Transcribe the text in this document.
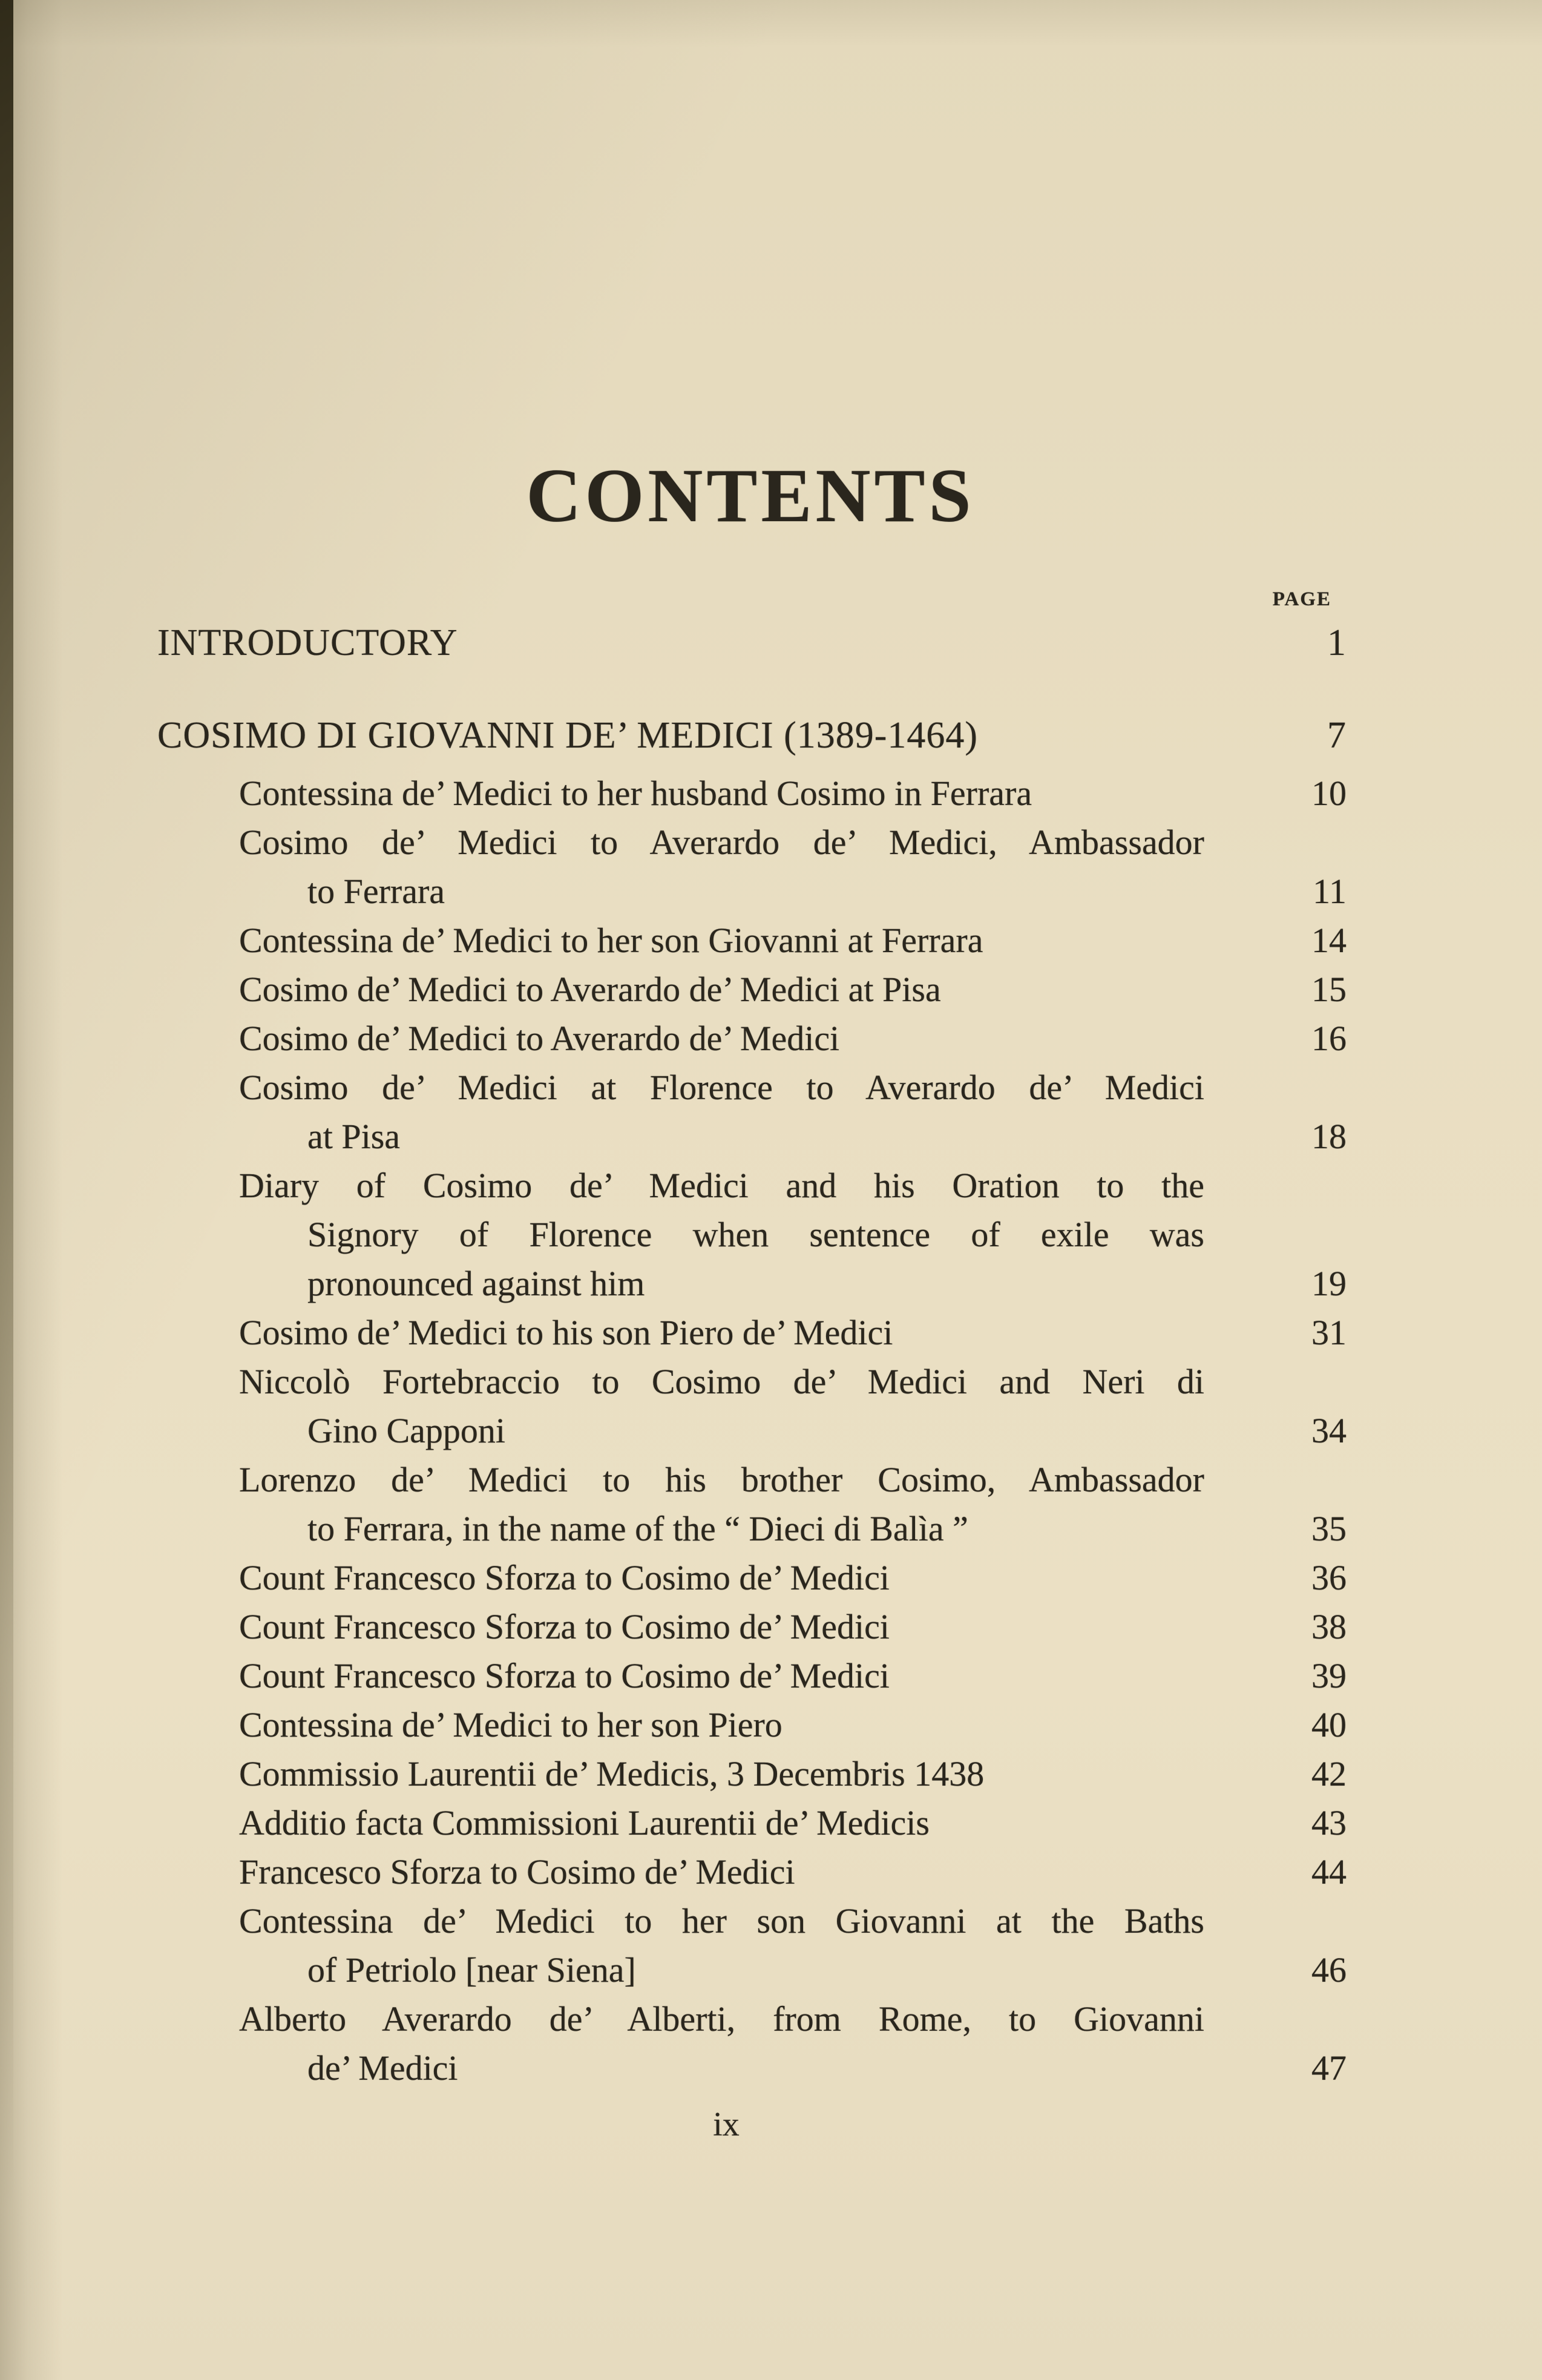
CONTENTS
PAGE
INTRODUCTORY	1
COSIMO DI GIOVANNI DE’ MEDICI (1389-1464)	7
Contessina de’ Medici to her husband Cosimo in Ferrara	10
Cosimo de’ Medici to Averardo de’ Medici, Ambassador
to Ferrara	11
Contessina de’ Medici to her son Giovanni at Ferrara	14
Cosimo de’ Medici to Averardo de’ Medici at Pisa	15
Cosimo de’ Medici to Averardo de’ Medici	16
Cosimo de’ Medici at Florence to Averardo de’ Medici
at Pisa	18
Diary of Cosimo de’ Medici and his Oration to the
Signory of Florence when sentence of exile was
pronounced against him	19
Cosimo de’ Medici to his son Piero de’ Medici	31
Niccolò Fortebraccio to Cosimo de’ Medici and Neri di
Gino Capponi	34
Lorenzo de’ Medici to his brother Cosimo, Ambassador
to Ferrara, in the name of the “ Dieci di Balìa ”	35
Count Francesco Sforza to Cosimo de’ Medici	36
Count Francesco Sforza to Cosimo de’ Medici	38
Count Francesco Sforza to Cosimo de’ Medici	39
Contessina de’ Medici to her son Piero	40
Commissio Laurentii de’ Medicis, 3 Decembris 1438	42
Additio facta Commissioni Laurentii de’ Medicis	43
Francesco Sforza to Cosimo de’ Medici	44
Contessina de’ Medici to her son Giovanni at the Baths
of Petriolo [near Siena]	46
Alberto Averardo de’ Alberti, from Rome, to Giovanni
de’ Medici	47
ix
